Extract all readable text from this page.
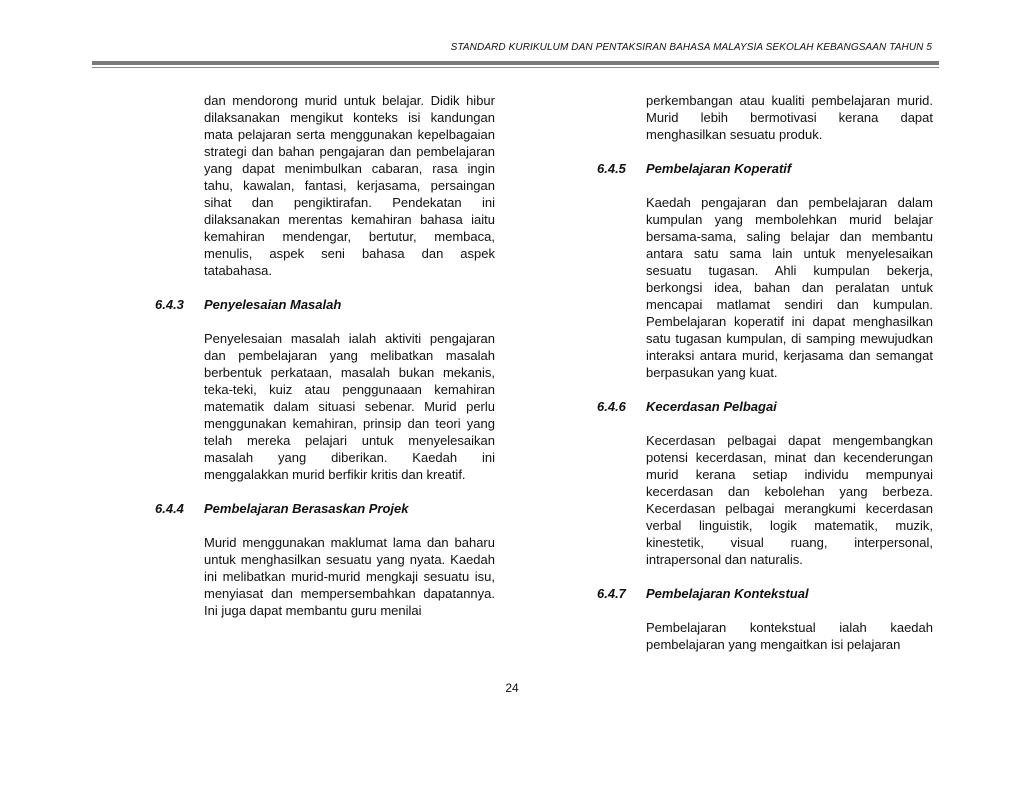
STANDARD KURIKULUM DAN PENTAKSIRAN BAHASA MALAYSIA SEKOLAH KEBANGSAAN TAHUN 5

dan mendorong murid untuk belajar. Didik hibur dilaksanakan mengikut konteks isi kandungan mata pelajaran serta menggunakan kepelbagaian strategi dan bahan pengajaran dan pembelajaran yang dapat menimbulkan cabaran, rasa ingin tahu, kawalan, fantasi, kerjasama, persaingan sihat dan pengiktirafan. Pendekatan ini dilaksanakan merentas kemahiran bahasa iaitu kemahiran mendengar, bertutur, membaca, menulis, aspek seni bahasa dan aspek tatabahasa.

6.4.3	Penyelesaian Masalah

Penyelesaian masalah ialah aktiviti pengajaran dan pembelajaran yang melibatkan masalah berbentuk perkataan, masalah bukan mekanis, teka-teki, kuiz atau penggunaaan kemahiran matematik dalam situasi sebenar. Murid perlu menggunakan kemahiran, prinsip dan teori yang telah mereka pelajari untuk menyelesaikan masalah yang diberikan. Kaedah ini menggalakkan murid berfikir kritis dan kreatif.

6.4.4	Pembelajaran Berasaskan Projek

Murid menggunakan maklumat lama dan baharu untuk menghasilkan sesuatu yang nyata. Kaedah ini melibatkan murid-murid mengkaji sesuatu isu, menyiasat dan mempersembahkan dapatannya. Ini juga dapat membantu guru menilai

perkembangan atau kualiti pembelajaran murid. Murid lebih bermotivasi kerana dapat menghasilkan sesuatu produk.

6.4.5	Pembelajaran Koperatif

Kaedah pengajaran dan pembelajaran dalam kumpulan yang membolehkan murid belajar bersama-sama, saling belajar dan membantu antara satu sama lain untuk menyelesaikan sesuatu tugasan. Ahli kumpulan bekerja, berkongsi idea, bahan dan peralatan untuk mencapai matlamat sendiri dan kumpulan. Pembelajaran koperatif ini dapat menghasilkan satu tugasan kumpulan, di samping mewujudkan interaksi antara murid, kerjasama dan semangat berpasukan yang kuat.

6.4.6	Kecerdasan Pelbagai

Kecerdasan pelbagai dapat mengembangkan potensi kecerdasan, minat dan kecenderungan murid kerana setiap individu mempunyai kecerdasan dan kebolehan yang berbeza. Kecerdasan pelbagai merangkumi kecerdasan verbal linguistik, logik matematik, muzik, kinestetik, visual ruang, interpersonal, intrapersonal dan naturalis.

6.4.7	Pembelajaran Kontekstual

Pembelajaran kontekstual ialah kaedah pembelajaran yang mengaitkan isi pelajaran

24
